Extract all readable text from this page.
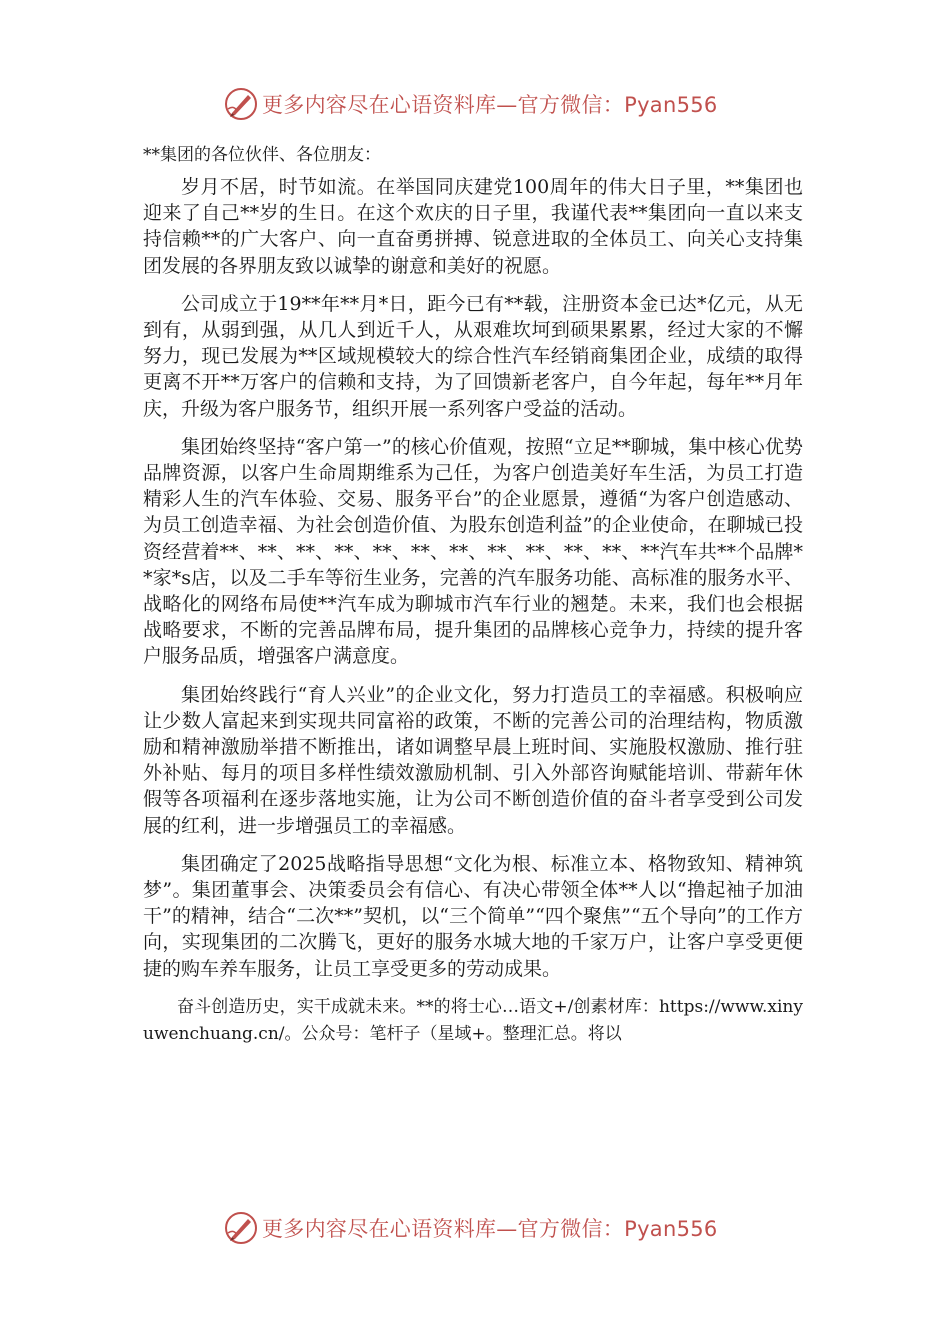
更多内容尽在心语资料库—官方微信：Pyan556

**集团的各位伙伴、各位朋友：

岁月不居，时节如流。在举国同庆建党100周年的伟大日子里，**集团也迎来了自己**岁的生日。在这个欢庆的日子里，我谨代表**集团向一直以来支持信赖**的广大客户、向一直奋勇拼搏、锐意进取的全体员工、向关心支持集团发展的各界朋友致以诚挚的谢意和美好的祝愿。

公司成立于19**年**月*日，距今已有**载，注册资本金已达*亿元，从无到有，从弱到强，从几人到近千人，从艰难坎坷到硕果累累，经过大家的不懈努力，现已发展为**区域规模较大的综合性汽车经销商集团企业，成绩的取得更离不开**万客户的信赖和支持，为了回馈新老客户，自今年起，每年**月年庆，升级为客户服务节，组织开展一系列客户受益的活动。

集团始终坚持“客户第一”的核心价值观，按照“立足**聊城，集中核心优势品牌资源，以客户生命周期维系为己任，为客户创造美好车生活，为员工打造精彩人生的汽车体验、交易、服务平台”的企业愿景，遵循“为客户创造感动、为员工创造幸福、为社会创造价值、为股东创造利益”的企业使命，在聊城已投资经营着**、**、**、**、**、**、**、**、**、**、**、**汽车共**个品牌**家*s店，以及二手车等衍生业务，完善的汽车服务功能、高标准的服务水平、战略化的网络布局使**汽车成为聊城市汽车行业的翘楚。未来，我们也会根据战略要求，不断的完善品牌布局，提升集团的品牌核心竞争力，持续的提升客户服务品质，增强客户满意度。

集团始终践行“育人兴业”的企业文化，努力打造员工的幸福感。积极响应让少数人富起来到实现共同富裕的政策，不断的完善公司的治理结构，物质激励和精神激励举措不断推出，诸如调整早晨上班时间、实施股权激励、推行驻外补贴、每月的项目多样性绩效激励机制、引入外部咨询赋能培训、带薪年休假等各项福利在逐步落地实施，让为公司不断创造价值的奋斗者享受到公司发展的红利，进一步增强员工的幸福感。

集团确定了2025战略指导思想“文化为根、标准立本、格物致知、精神筑梦”。集团董事会、决策委员会有信心、有决心带领全体**人以“撸起袖子加油干”的精神，结合“二次**”契机，以“三个简单”“四个聚焦”“五个导向”的工作方向，实现集团的二次腾飞，更好的服务水城大地的千家万户，让客户享受更便捷的购车养车服务，让员工享受更多的劳动成果。

奋斗创造历史，实干成就未来。**的将士心…语文+/创素材库：https://www.xinyuwenchuang.cn/。公众号：笔杆子（星域+。整理汇总。将以

更多内容尽在心语资料库—官方微信：Pyan556
